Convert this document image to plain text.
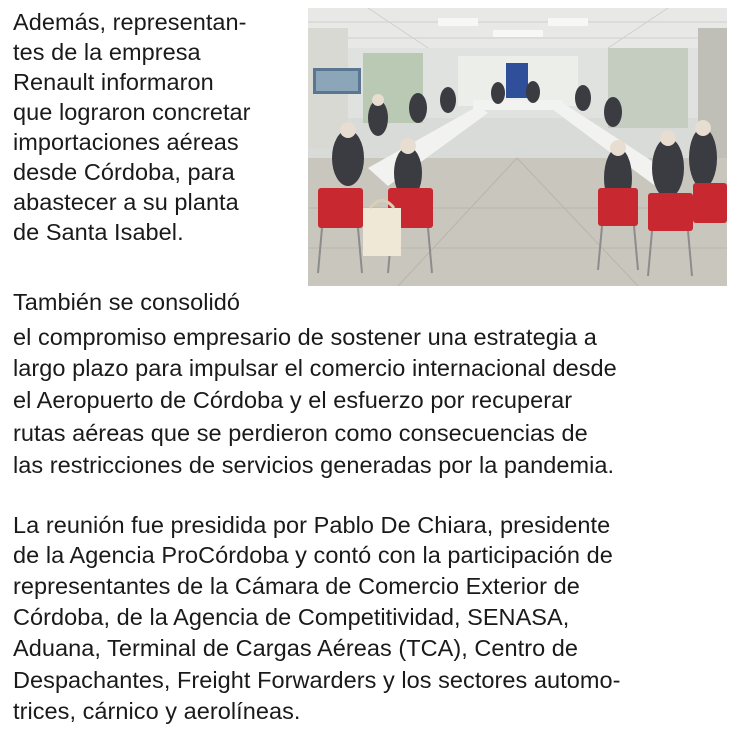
Además, representan-
tes de la empresa
Renault informaron
que lograron concretar
importaciones aéreas
desde Córdoba, para
abastecer a su planta
de Santa Isabel.
También se consolidó
el compromiso empresario de sostener una estrategia a
largo plazo para impulsar el comercio internacional desde
el Aeropuerto de Córdoba y el esfuerzo por recuperar
rutas aéreas que se perdieron como consecuencias de
las restricciones de servicios generadas por la pandemia.
La reunión fue presidida por Pablo De Chiara, presidente
de la Agencia ProCórdoba y contó con la participación de
representantes de la Cámara de Comercio Exterior de
Córdoba, de la Agencia de Competitividad, SENASA,
Aduana, Terminal de Cargas Aéreas (TCA), Centro de
Despachantes, Freight Forwarders y los sectores automo-
trices, cárnico y aerolíneas.
